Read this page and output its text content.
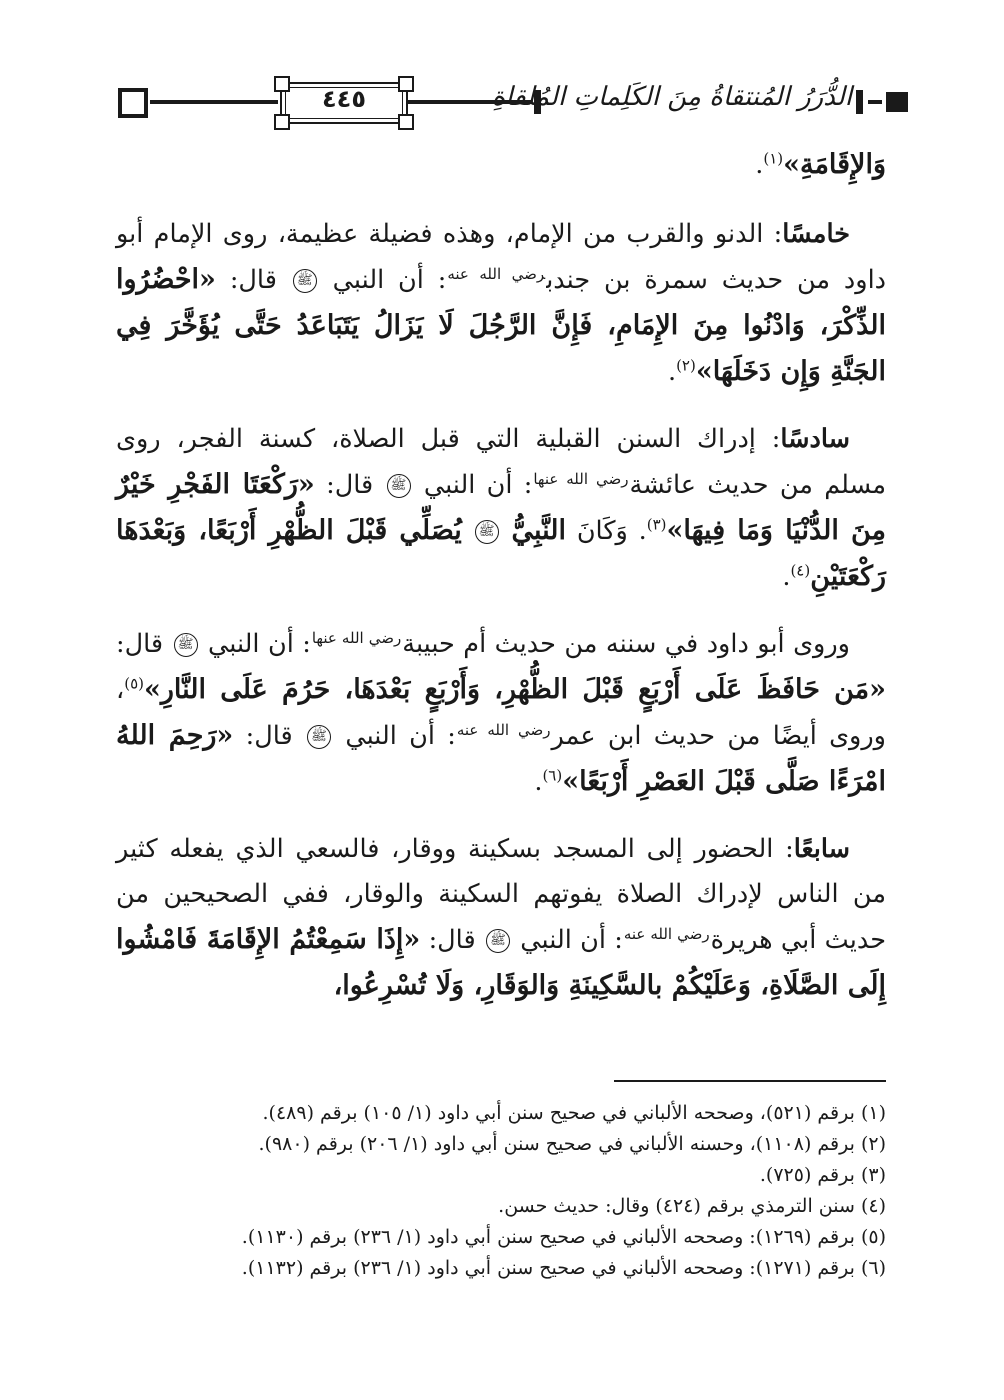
٤٤٥	الدُّرَرُ المُنتقاةُ مِنَ الكَلِماتِ المُلقاةِ

وَالإِقَامَةِ»$^{(١)}$.

خامسًا: الدنو والقرب من الإمام، وهذه فضيلة عظيمة، روى الإمام أبو داود من حديث سمرة بن جندب$^{رضي الله عنه}$: أن النبي ﷺ قال: «احْضُرُوا الذِّكْرَ، وَادْنُوا مِنَ الإِمَامِ، فَإِنَّ الرَّجُلَ لَا يَزَالُ يَتَبَاعَدُ حَتَّى يُؤَخَّرَ فِي الجَنَّةِ وَإِن دَخَلَهَا»$^{(٢)}$.

سادسًا: إدراك السنن القبلية التي قبل الصلاة، كسنة الفجر، روى مسلم من حديث عائشة$^{رضي الله عنها}$: أن النبي ﷺ قال: «رَكْعَتَا الفَجْرِ خَيْرٌ مِنَ الدُّنْيَا وَمَا فِيهَا»$^{(٣)}$. وَكَانَ النَّبِيُّ ﷺ يُصَلِّي قَبْلَ الظُّهْرِ أَرْبَعًا، وَبَعْدَهَا رَكْعَتَيْنِ$^{(٤)}$.

وروى أبو داود في سننه من حديث أم حبيبة$^{رضي الله عنها}$: أن النبي ﷺ قال: «مَن حَافَظَ عَلَى أَرْبَعٍ قَبْلَ الظُّهْرِ، وَأَرْبَعٍ بَعْدَهَا، حَرُمَ عَلَى النَّارِ»$^{(٥)}$، وروى أيضًا من حديث ابن عمر$^{رضي الله عنه}$: أن النبي ﷺ قال: «رَحِمَ اللهُ امْرَءًا صَلَّى قَبْلَ العَصْرِ أَرْبَعًا»$^{(٦)}$.

سابعًا: الحضور إلى المسجد بسكينة ووقار، فالسعي الذي يفعله كثير من الناس لإدراك الصلاة يفوتهم السكينة والوقار، ففي الصحيحين من حديث أبي هريرة$^{رضي الله عنه}$: أن النبي ﷺ قال: «إِذَا سَمِعْتُمُ الإِقَامَةَ فَامْشُوا إِلَى الصَّلَاةِ، وَعَلَيْكُمْ بالسَّكِينَةِ وَالوَقَارِ، وَلَا تُسْرِعُوا،

(١) برقم (٥٢١)، وصححه الألباني في صحيح سنن أبي داود (١/ ١٠٥) برقم (٤٨٩).
(٢) برقم (١١٠٨)، وحسنه الألباني في صحيح سنن أبي داود (١/ ٢٠٦) برقم (٩٨٠).
(٣) برقم (٧٢٥).
(٤) سنن الترمذي برقم (٤٢٤) وقال: حديث حسن.
(٥) برقم (١٢٦٩): وصححه الألباني في صحيح سنن أبي داود (١/ ٢٣٦) برقم (١١٣٠).
(٦) برقم (١٢٧١): وصححه الألباني في صحيح سنن أبي داود (١/ ٢٣٦) برقم (١١٣٢).
